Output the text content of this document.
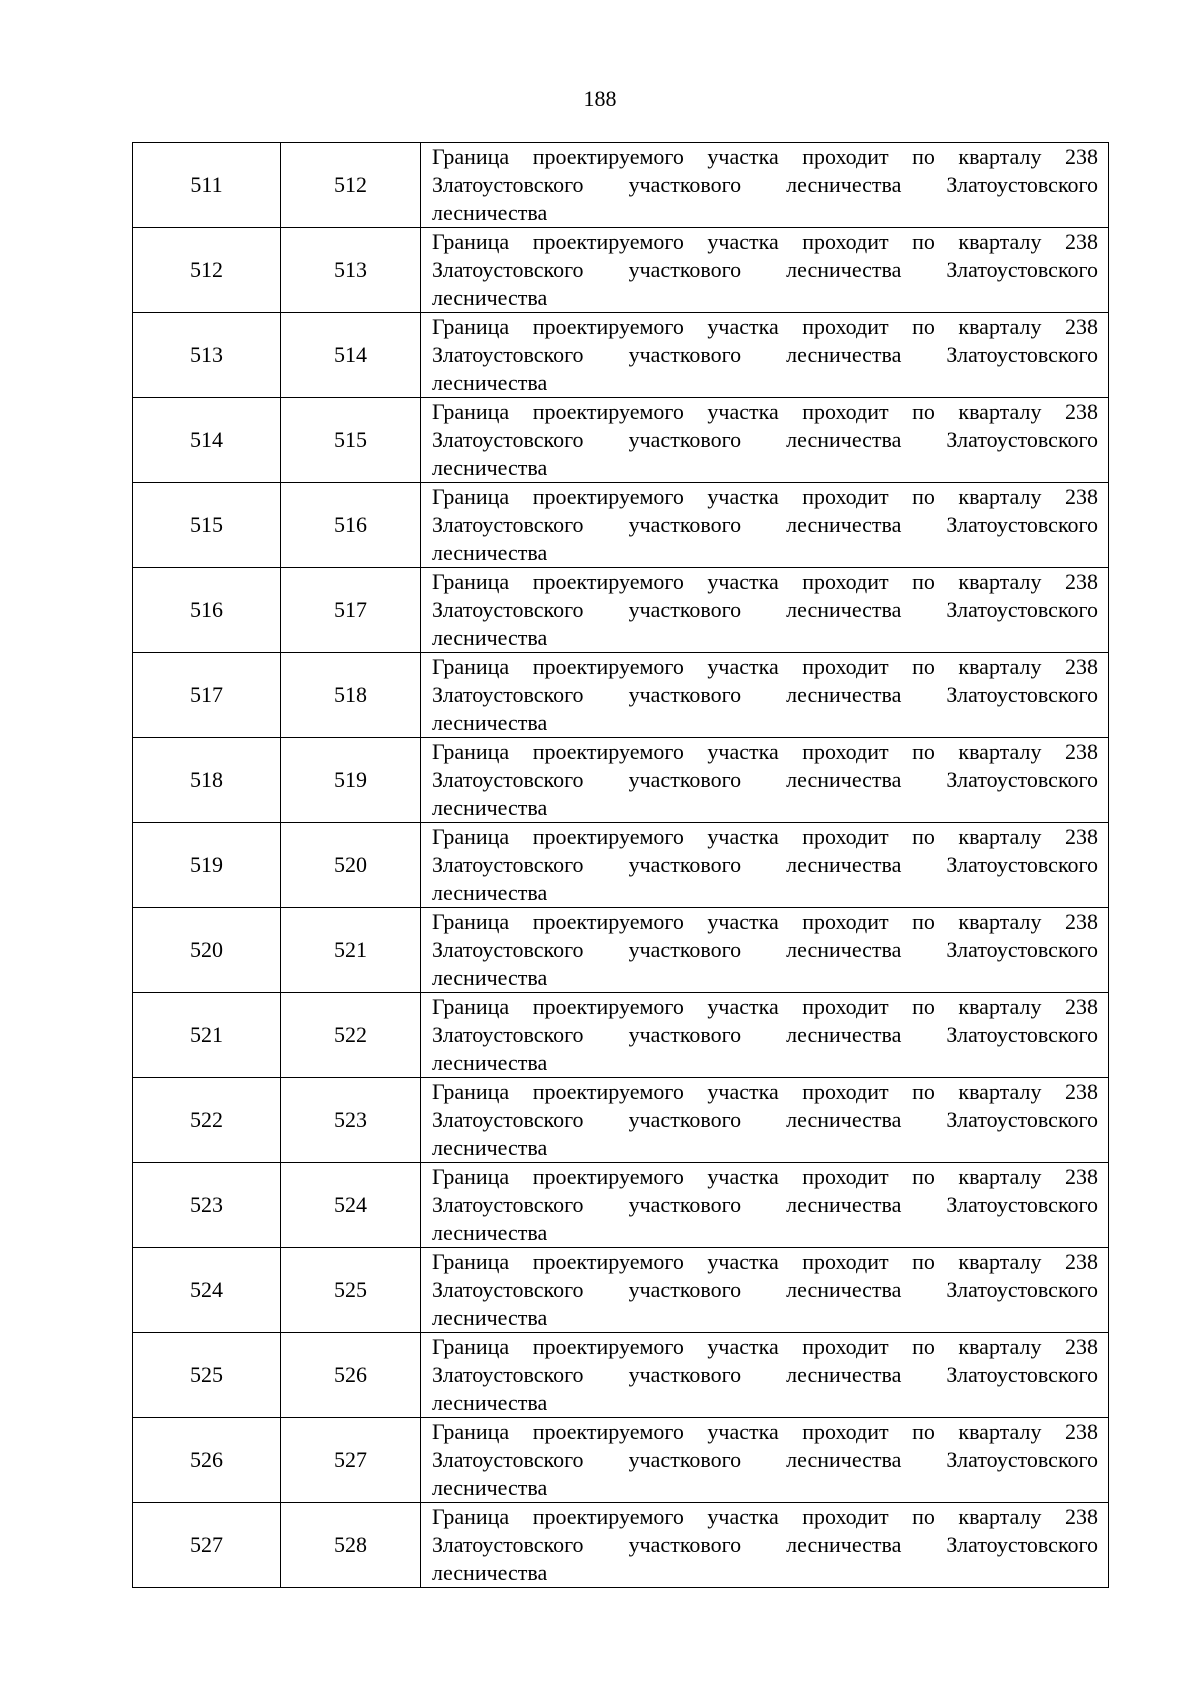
188
511	512	Граница проектируемого участка проходит по кварталу 238 Златоустовского участкового лесничества Златоустовского лесничества
512	513	Граница проектируемого участка проходит по кварталу 238 Златоустовского участкового лесничества Златоустовского лесничества
513	514	Граница проектируемого участка проходит по кварталу 238 Златоустовского участкового лесничества Златоустовского лесничества
514	515	Граница проектируемого участка проходит по кварталу 238 Златоустовского участкового лесничества Златоустовского лесничества
515	516	Граница проектируемого участка проходит по кварталу 238 Златоустовского участкового лесничества Златоустовского лесничества
516	517	Граница проектируемого участка проходит по кварталу 238 Златоустовского участкового лесничества Златоустовского лесничества
517	518	Граница проектируемого участка проходит по кварталу 238 Златоустовского участкового лесничества Златоустовского лесничества
518	519	Граница проектируемого участка проходит по кварталу 238 Златоустовского участкового лесничества Златоустовского лесничества
519	520	Граница проектируемого участка проходит по кварталу 238 Златоустовского участкового лесничества Златоустовского лесничества
520	521	Граница проектируемого участка проходит по кварталу 238 Златоустовского участкового лесничества Златоустовского лесничества
521	522	Граница проектируемого участка проходит по кварталу 238 Златоустовского участкового лесничества Златоустовского лесничества
522	523	Граница проектируемого участка проходит по кварталу 238 Златоустовского участкового лесничества Златоустовского лесничества
523	524	Граница проектируемого участка проходит по кварталу 238 Златоустовского участкового лесничества Златоустовского лесничества
524	525	Граница проектируемого участка проходит по кварталу 238 Златоустовского участкового лесничества Златоустовского лесничества
525	526	Граница проектируемого участка проходит по кварталу 238 Златоустовского участкового лесничества Златоустовского лесничества
526	527	Граница проектируемого участка проходит по кварталу 238 Златоустовского участкового лесничества Златоустовского лесничества
527	528	Граница проектируемого участка проходит по кварталу 238 Златоустовского участкового лесничества Златоустовского лесничества
